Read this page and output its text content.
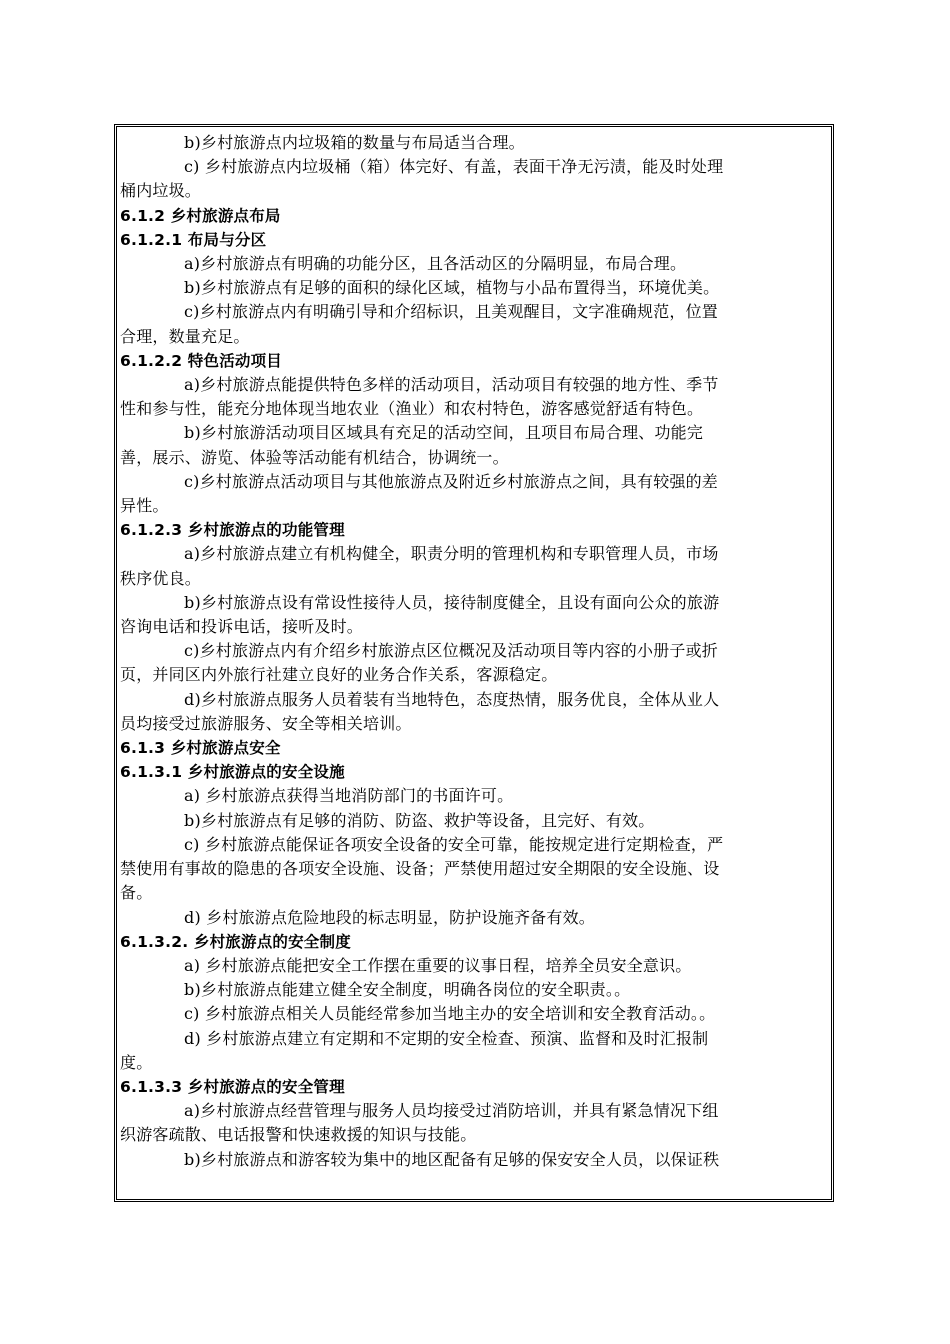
b)乡村旅游点内垃圾箱的数量与布局适当合理。
c) 乡村旅游点内垃圾桶（箱）体完好、有盖，表面干净无污渍，能及时处理
桶内垃圾。
6.1.2 乡村旅游点布局
6.1.2.1 布局与分区
a)乡村旅游点有明确的功能分区，且各活动区的分隔明显，布局合理。
b)乡村旅游点有足够的面积的绿化区域，植物与小品布置得当，环境优美。
c)乡村旅游点内有明确引导和介绍标识，且美观醒目，文字准确规范，位置
合理，数量充足。
6.1.2.2 特色活动项目
a)乡村旅游点能提供特色多样的活动项目，活动项目有较强的地方性、季节
性和参与性，能充分地体现当地农业（渔业）和农村特色，游客感觉舒适有特色。
b)乡村旅游活动项目区域具有充足的活动空间，且项目布局合理、功能完
善，展示、游览、体验等活动能有机结合，协调统一。
c)乡村旅游点活动项目与其他旅游点及附近乡村旅游点之间，具有较强的差
异性。
6.1.2.3 乡村旅游点的功能管理
a)乡村旅游点建立有机构健全，职责分明的管理机构和专职管理人员，市场
秩序优良。
b)乡村旅游点设有常设性接待人员，接待制度健全，且设有面向公众的旅游
咨询电话和投诉电话，接听及时。
c)乡村旅游点内有介绍乡村旅游点区位概况及活动项目等内容的小册子或折
页，并同区内外旅行社建立良好的业务合作关系，客源稳定。
d)乡村旅游点服务人员着装有当地特色，态度热情，服务优良，全体从业人
员均接受过旅游服务、安全等相关培训。
6.1.3 乡村旅游点安全
6.1.3.1 乡村旅游点的安全设施
a) 乡村旅游点获得当地消防部门的书面许可。
b)乡村旅游点有足够的消防、防盗、救护等设备，且完好、有效。
c) 乡村旅游点能保证各项安全设备的安全可靠，能按规定进行定期检查，严
禁使用有事故的隐患的各项安全设施、设备；严禁使用超过安全期限的安全设施、设
备。
d) 乡村旅游点危险地段的标志明显，防护设施齐备有效。
6.1.3.2. 乡村旅游点的安全制度
a) 乡村旅游点能把安全工作摆在重要的议事日程，培养全员安全意识。
b)乡村旅游点能建立健全安全制度，明确各岗位的安全职责。。
c) 乡村旅游点相关人员能经常参加当地主办的安全培训和安全教育活动。。
d) 乡村旅游点建立有定期和不定期的安全检查、预演、监督和及时汇报制
度。
6.1.3.3 乡村旅游点的安全管理
a)乡村旅游点经营管理与服务人员均接受过消防培训，并具有紧急情况下组
织游客疏散、电话报警和快速救援的知识与技能。
b)乡村旅游点和游客较为集中的地区配备有足够的保安安全人员，以保证秩
